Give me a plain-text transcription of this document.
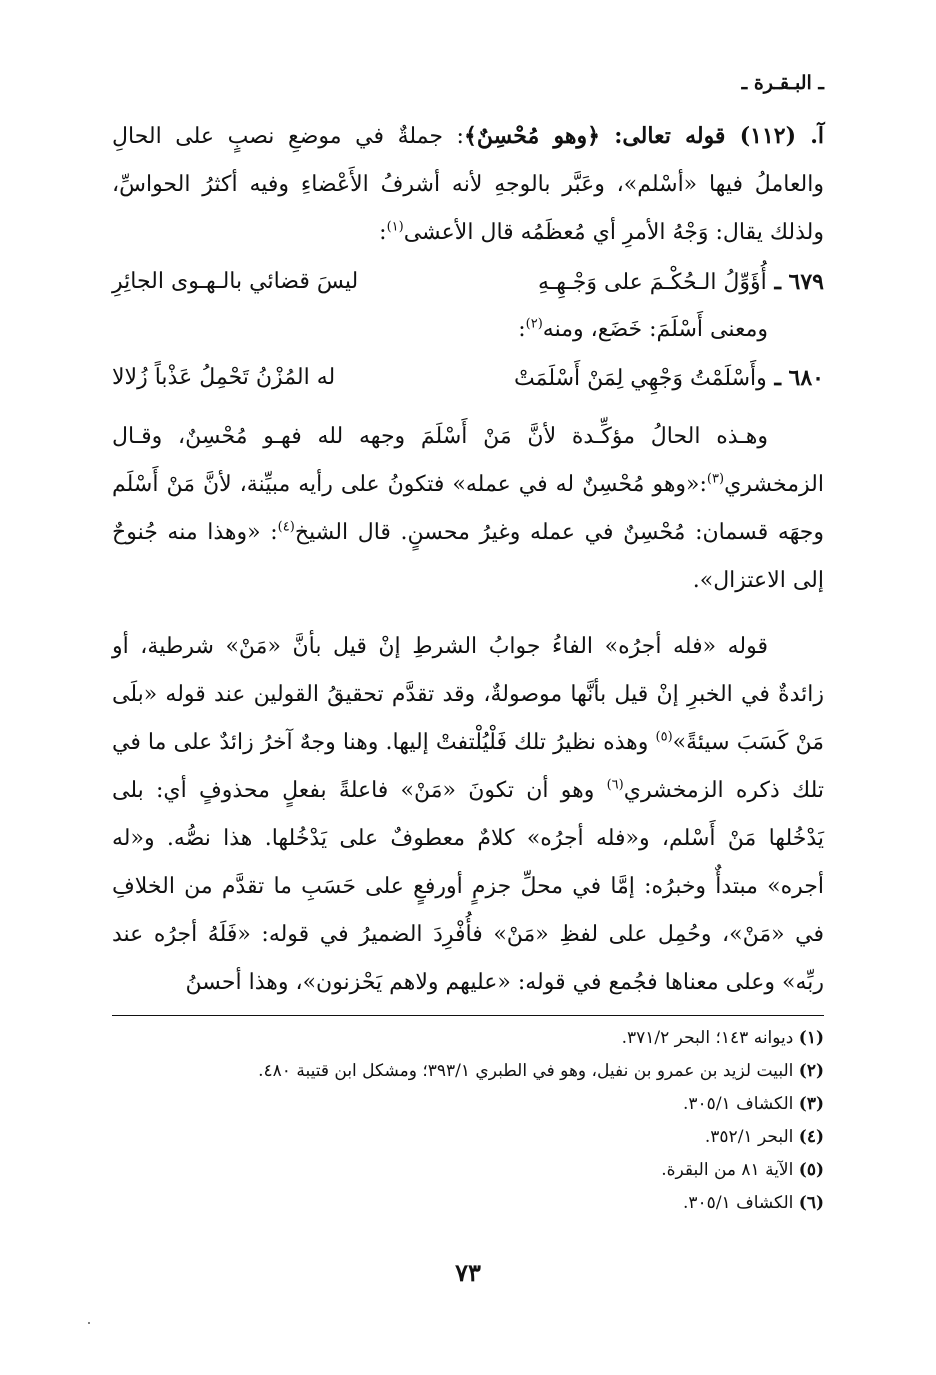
ـ البـقـرة ـ

آ. (١١٢) قوله تعالى: ﴿وهو مُحْسِنٌ﴾: جملةٌ في موضعِ نصبٍ على الحالِ والعاملُ فيها «أسْلم»، وعَبَّر بالوجهِ لأنه أشرفُ الأَعْضاءِ وفيه أكثرُ الحواسِّ، ولذلك يقال: وَجْهُ الأمرِ أي مُعظَمُه قال الأعشى$^{(١)}$:

٦٧٩ ـ أُؤَوِّلُ الـحُكْـمَ على وَجْـهِـهِ
ليسَ قضائي بالـهـوى الجائِرِ
ومعنى أَسْلَمَ: خَضَع، ومنه$^{(٢)}$:
٦٨٠ ـ وأَسْلَمْتُ وَجْهِي لِمَنْ أَسْلَمَتْ
له المُزْنُ تَحْمِلُ عَذْباً زُلالا

وهـذه الحالُ مؤكِّـدة لأنَّ مَنْ أَسْلَمَ وجهه لله فهـو مُحْسِنٌ، وقـال الزمخشري$^{(٣)}$:«وهو مُحْسِنٌ له في عمله» فتكونُ على رأيه مبيِّنة، لأنَّ مَنْ أَسْلَم وجهَه قسمان: مُحْسِنٌ في عمله وغيرُ محسنٍ. قال الشيخ$^{(٤)}$: «وهذا منه جُنوحٌ إلى الاعتزال».

قوله «فله أجرُه» الفاءُ جوابُ الشرطِ إنْ قيل بأنَّ «مَنْ» شرطية، أو زائدةٌ في الخبرِ إنْ قيل بأنَّها موصولةٌ، وقد تقدَّم تحقيقُ القولين عند قوله «بلَى مَنْ كَسَبَ سيئةً»$^{(٥)}$ وهذه نظيرُ تلك فَلْيُلْتفتْ إليها. وهنا وجهٌ آخرُ زائدٌ على ما في تلك ذكره الزمخشري$^{(٦)}$ وهو أن تكونَ «مَنْ» فاعلةً بفعلٍ محذوفٍ أي: بلى يَدْخُلها مَنْ أَسْلم، و«فله أجرُه» كلامٌ معطوفٌ على يَدْخُلها. هذا نصُّه. و«له أجره» مبتدأٌ وخبرُه: إمَّا في محلِّ جزمٍ أورفعٍ على حَسَبِ ما تقدَّم من الخلافِ في «مَنْ»، وحُمِل على لفظِ «مَنْ» فأُفْرِدَ الضميرُ في قوله: «فَلَهُ أجرُه عند ربِّه» وعلى معناها فجُمع في قوله: «عليهم ولاهم يَحْزنون»، وهذا أحسنُ

(١) ديوانه ١٤٣؛ البحر ٣٧١/٢.
(٢) البيت لزيد بن عمرو بن نفيل، وهو في الطبري ٣٩٣/١؛ ومشكل ابن قتيبة ٤٨٠.
(٣) الكشاف ٣٠٥/١.
(٤) البحر ٣٥٢/١.
(٥) الآية ٨١ من البقرة.
(٦) الكشاف ٣٠٥/١.
٧٣
